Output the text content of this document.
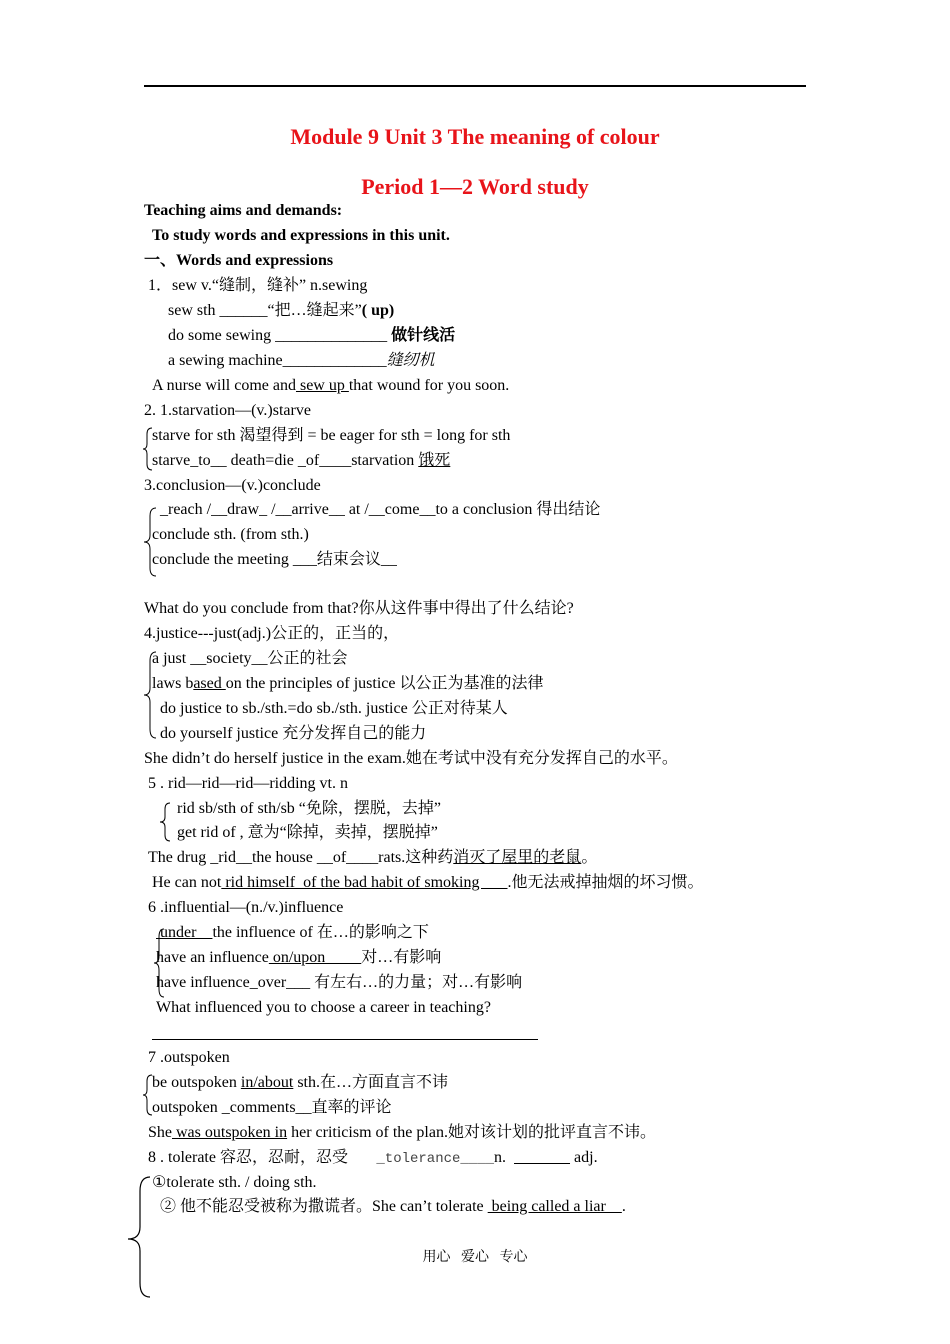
Module 9 Unit 3 The meaning of colour
Period 1—2 Word study
Teaching aims and demands:
To study words and expressions in this unit.
一、Words and expressions
1．sew v.“缝制，缝补” n.sewing
sew sth ______“把…缝起来”( up)
do some sewing ______________ 做针线活
a sewing machine_____________缝纫机
A nurse will come and sew up that wound for you soon.
2. 1.starvation—(v.)starve
starve for sth 渴望得到 = be eager for sth = long for sth
starve_to__ death=die _of____starvation 饿死
3.conclusion—(v.)conclude
_reach /__draw_ /__arrive__ at /__come__to a conclusion 得出结论
conclude sth. (from sth.)
conclude the meeting ___结束会议__
What do you conclude from that?你从这件事中得出了什么结论?
4.justice---just(adj.)公正的，正当的，
a just __society__公正的社会
laws based on the principles of justice 以公正为基准的法律
do justice to sb./sth.=do sb./sth. justice 公正对待某人
do yourself justice 充分发挥自己的能力
She didn’t do herself justice in the exam.她在考试中没有充分发挥自己的水平。
5 . rid—rid—rid—ridding vt. n
rid sb/sth of sth/sb “免除，摆脱，去掉”
get rid of , 意为“除掉，卖掉，摆脱掉”
The drug _rid__the house __of____rats.这种药消灭了屋里的老鼠。
He can not rid himself  of the bad habit of smoking       .他无法戒掉抽烟的坏习惯。
6 .influential—(n./v.)influence
under    the influence of 在…的影响之下
have an influence on/upon         对…有影响
have influence_over___ 有左右…的力量；对…有影响
What influenced you to choose a career in teaching?
7 .outspoken
be outspoken in/about sth.在…方面直言不讳
outspoken _comments__直率的评论
She was outspoken in her criticism of the plan.她对该计划的批评直言不讳。
8 . tolerate 容忍，忍耐，忍受      _tolerance____n.	adj.
①tolerate sth. / doing sth.
② 他不能忍受被称为撒谎者。She can’t tolerate  being called a liar    .
用心   爱心   专心
